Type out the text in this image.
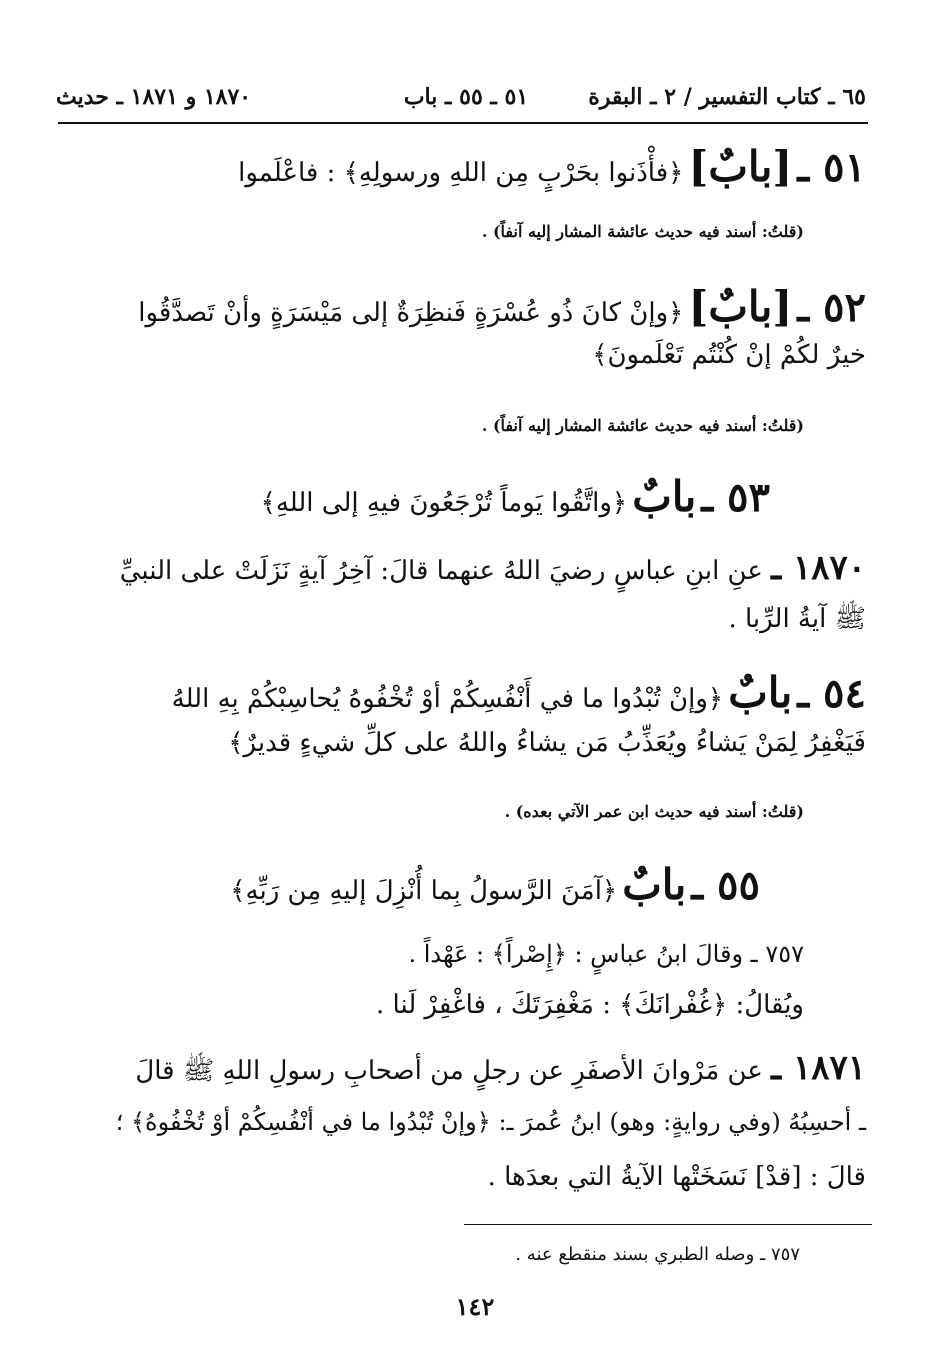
٦٥ ـ كتاب التفسير / ٢ ـ البقرة
٥١ ـ ٥٥ ـ باب
١٨٧٠ و ١٨٧١ ـ حديث
٥١ ـ [بابٌ] ﴿فأْذَنوا بحَرْبٍ مِن اللهِ ورسولِهِ﴾ : فاعْلَموا
(قلتُ: أسند فيه حديث عائشة المشار إليه آنفاً) .
٥٢ ـ [بابٌ] ﴿وإنْ كانَ ذُو عُسْرَةٍ فَنظِرَةٌ إلى مَيْسَرَةٍ وأنْ تَصدَّقُوا
خيرٌ لكُمْ إنْ كُنْتُم تَعْلَمونَ﴾
(قلتُ: أسند فيه حديث عائشة المشار إليه آنفاً) .
٥٣ ـ بابٌ ﴿واتَّقُوا يَوماً تُرْجَعُونَ فيهِ إلى اللهِ﴾
١٨٧٠ ـ عنِ ابنِ عباسٍ رضيَ اللهُ عنهما قالَ: آخِرُ آيةٍ نَزَلَتْ على النبيِّ
ﷺ آيةُ الرِّبا .
٥٤ ـ بابٌ ﴿وإنْ تُبْدُوا ما في أَنْفُسِكُمْ أوْ تُخْفُوهُ يُحاسِبْكُمْ بِهِ اللهُ
فَيَغْفِرُ لِمَنْ يَشاءُ ويُعَذِّبُ مَن يشاءُ واللهُ على كلِّ شيءٍ قديرٌ﴾
(قلتُ: أسند فيه حديث ابن عمر الآتي بعده) .
٥٥ ـ بابٌ ﴿آمَنَ الرَّسولُ بِما أُنْزِلَ إليهِ مِن رَبِّهِ﴾
٧٥٧ ـ وقالَ ابنُ عباسٍ : ﴿إِصْراً﴾ : عَهْداً .
ويُقالُ: ﴿غُفْرانَكَ﴾ : مَغْفِرَتَكَ ، فاغْفِرْ لَنا .
١٨٧١ ـ عن مَرْوانَ الأصفَرِ عن رجلٍ من أصحابِ رسولِ اللهِ ﷺ قالَ
ـ أحسِبُهُ (وفي روايةٍ: وهو) ابنُ عُمرَ ـ: ﴿وإنْ تُبْدُوا ما في أنْفُسِكُمْ أوْ تُخْفُوهُ﴾ ؛
قالَ : [قدْ] نَسَخَتْها الآيةُ التي بعدَها .
٧٥٧ ـ وصله الطبري بسند منقطع عنه .
١٤٢
